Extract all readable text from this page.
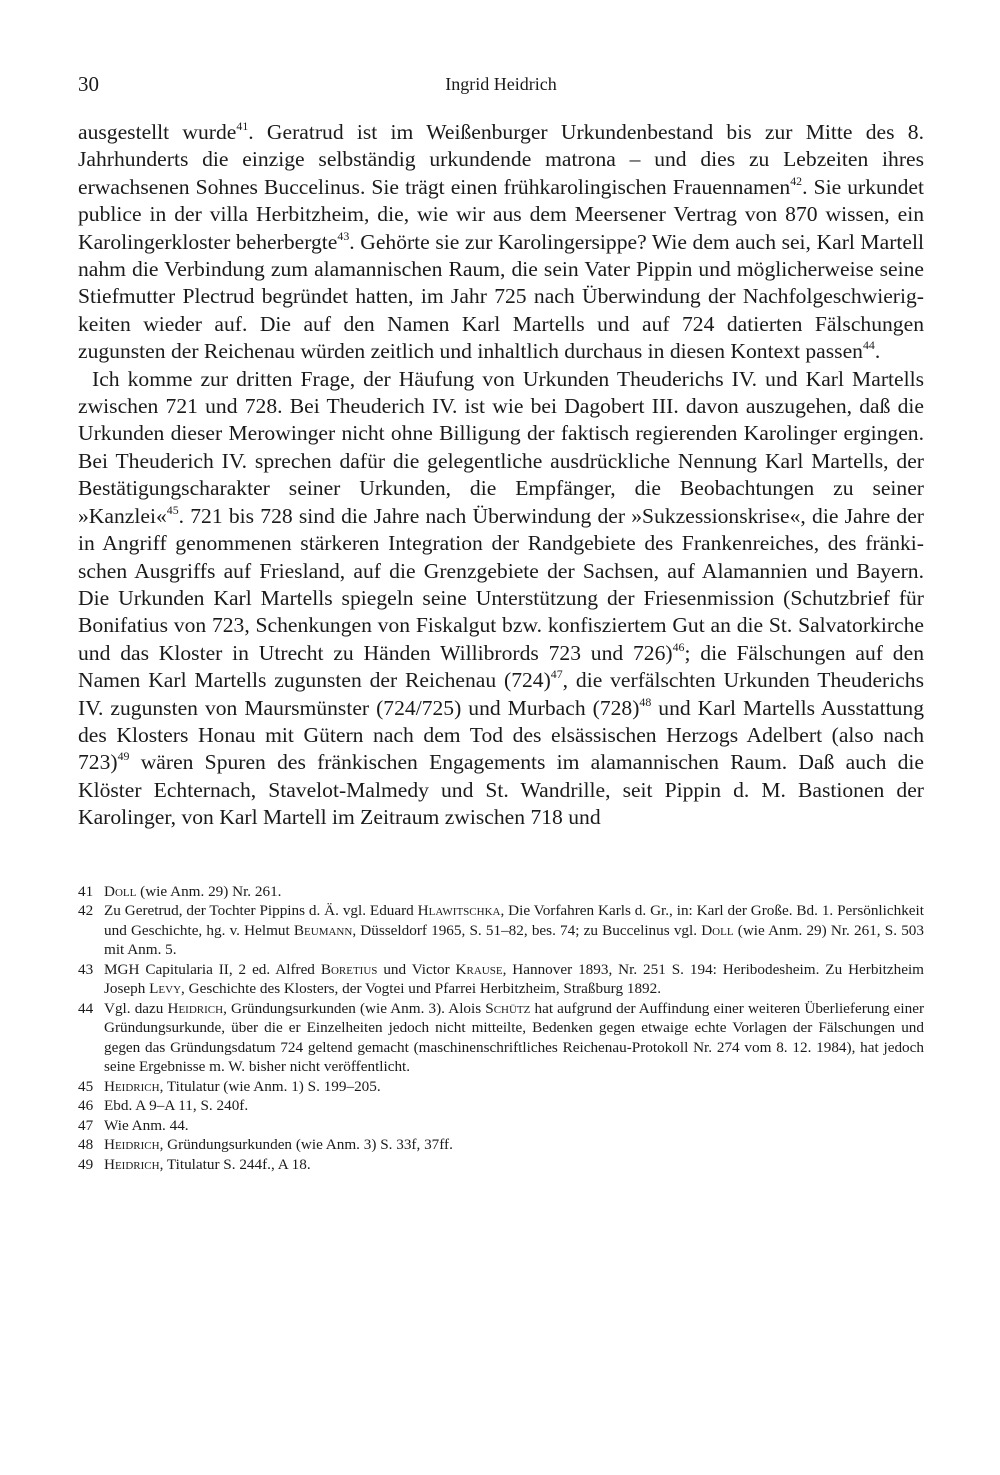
30	Ingrid Heidrich

ausgestellt wurde$^{41}$. Geratrud ist im Weißenburger Urkundenbestand bis zur Mitte des 8. Jahrhunderts die einzige selbständig urkundende matrona – und dies zu Lebzeiten ihres erwachsenen Sohnes Buccelinus. Sie trägt einen frühkarolingischen Frauennamen$^{42}$. Sie urkundet publice in der villa Herbitzheim, die, wie wir aus dem Meersener Vertrag von 870 wissen, ein Karolingerkloster beherbergte$^{43}$. Gehörte sie zur Karolingersippe? Wie dem auch sei, Karl Martell nahm die Verbindung zum alamannischen Raum, die sein Vater Pippin und möglicherweise seine Stiefmutter Plectrud begründet hatten, im Jahr 725 nach Überwindung der Nachfolgeschwierigkeiten wieder auf. Die auf den Namen Karl Martells und auf 724 datierten Fälschungen zugunsten der Reichenau würden zeitlich und inhaltlich durchaus in diesen Kontext passen$^{44}$.

Ich komme zur dritten Frage, der Häufung von Urkunden Theuderichs IV. und Karl Martells zwischen 721 und 728. Bei Theuderich IV. ist wie bei Dagobert III. davon auszugehen, daß die Urkunden dieser Merowinger nicht ohne Billigung der faktisch regierenden Karolinger ergingen. Bei Theuderich IV. sprechen dafür die gelegentliche ausdrückliche Nennung Karl Martells, der Bestätigungscharakter seiner Urkunden, die Empfänger, die Beobachtungen zu seiner »Kanzlei«$^{45}$. 721 bis 728 sind die Jahre nach Überwindung der »Sukzessionskrise«, die Jahre der in Angriff genommenen stärkeren Integration der Randgebiete des Frankenreiches, des fränkischen Ausgriffs auf Friesland, auf die Grenzgebiete der Sachsen, auf Alamannien und Bayern. Die Urkunden Karl Martells spiegeln seine Unterstützung der Friesenmission (Schutzbrief für Bonifatius von 723, Schenkungen von Fiskalgut bzw. konfisziertem Gut an die St. Salvatorkirche und das Kloster in Utrecht zu Händen Willibrords 723 und 726)$^{46}$; die Fälschungen auf den Namen Karl Martells zugunsten der Reichenau $(724)^{47}$, die verfälschten Urkunden Theuderichs IV. zugunsten von Maursmünster (724/725) und Murbach $(728)^{48}$ und Karl Martells Ausstattung des Klosters Honau mit Gütern nach dem Tod des elsässischen Herzogs Adelbert (also nach 723)$^{49}$ wären Spuren des fränkischen Engagements im alamannischen Raum. Daß auch die Klöster Echternach, Stavelot-Malmedy und St. Wandrille, seit Pippin d. M. Bastionen der Karolinger, von Karl Martell im Zeitraum zwischen 718 und

41 Doll (wie Anm. 29) Nr. 261.
42 Zu Geretrud, der Tochter Pippins d. Ä. vgl. Eduard Hlawitschka, Die Vorfahren Karls d. Gr., in: Karl der Große. Bd. 1. Persönlichkeit und Geschichte, hg. v. Helmut Beumann, Düsseldorf 1965, S. 51–82, bes. 74; zu Buccelinus vgl. Doll (wie Anm. 29) Nr. 261, S. 503 mit Anm. 5.
43 MGH Capitularia II, 2 ed. Alfred Boretius und Victor Krause, Hannover 1893, Nr. 251 S. 194: Heribodesheim. Zu Herbitzheim Joseph Levy, Geschichte des Klosters, der Vogtei und Pfarrei Herbitzheim, Straßburg 1892.
44 Vgl. dazu Heidrich, Gründungsurkunden (wie Anm. 3). Alois Schütz hat aufgrund der Auffindung einer weiteren Überlieferung einer Gründungsurkunde, über die er Einzelheiten jedoch nicht mitteilte, Bedenken gegen etwaige echte Vorlagen der Fälschungen und gegen das Gründungsdatum 724 geltend gemacht (maschinenschriftliches Reichenau-Protokoll Nr. 274 vom 8. 12. 1984), hat jedoch seine Ergebnisse m. W. bisher nicht veröffentlicht.
45 Heidrich, Titulatur (wie Anm. 1) S. 199–205.
46 Ebd. A 9–A 11, S. 240f.
47 Wie Anm. 44.
48 Heidrich, Gründungsurkunden (wie Anm. 3) S. 33f, 37ff.
49 Heidrich, Titulatur S. 244f., A 18.
